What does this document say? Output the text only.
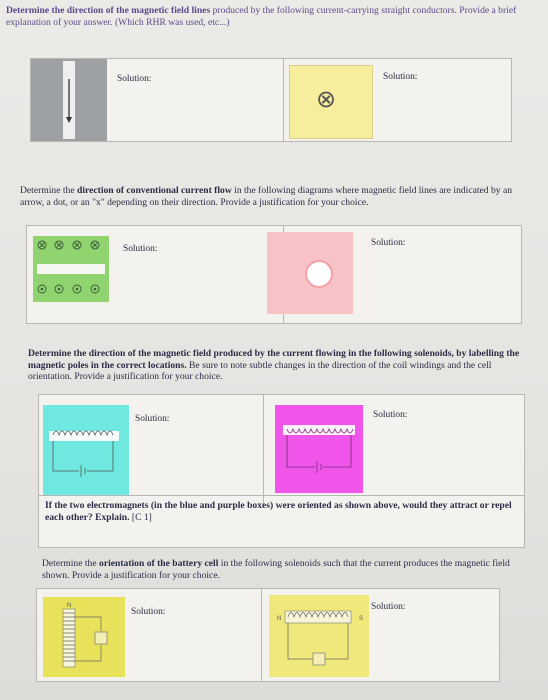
Determine the direction of the magnetic field lines produced by the following current-carrying straight conductors. Provide a brief explanation of your answer. (Which RHR was used, etc...)
Solution:
⊗
Solution:
Determine the direction of conventional current flow in the following diagrams where magnetic field lines are indicated by an arrow, a dot, or an "x" depending on their direction. Provide a justification for your choice.
Solution:
Solution:
Determine the direction of the magnetic field produced by the current flowing in the following solenoids, by labelling the magnetic poles in the correct locations. Be sure to note subtle changes in the direction of the coil windings and the cell orientation. Provide a justification for your choice.
Solution:	Solution:
If the two electromagnets (in the blue and purple boxes) were oriented as shown above, would they attract or repel each other? Explain. [C 1]
Determine the orientation of the battery cell in the following solenoids such that the current produces the magnetic field shown. Provide a justification for your choice.
N
Solution:
N	S
Solution:
